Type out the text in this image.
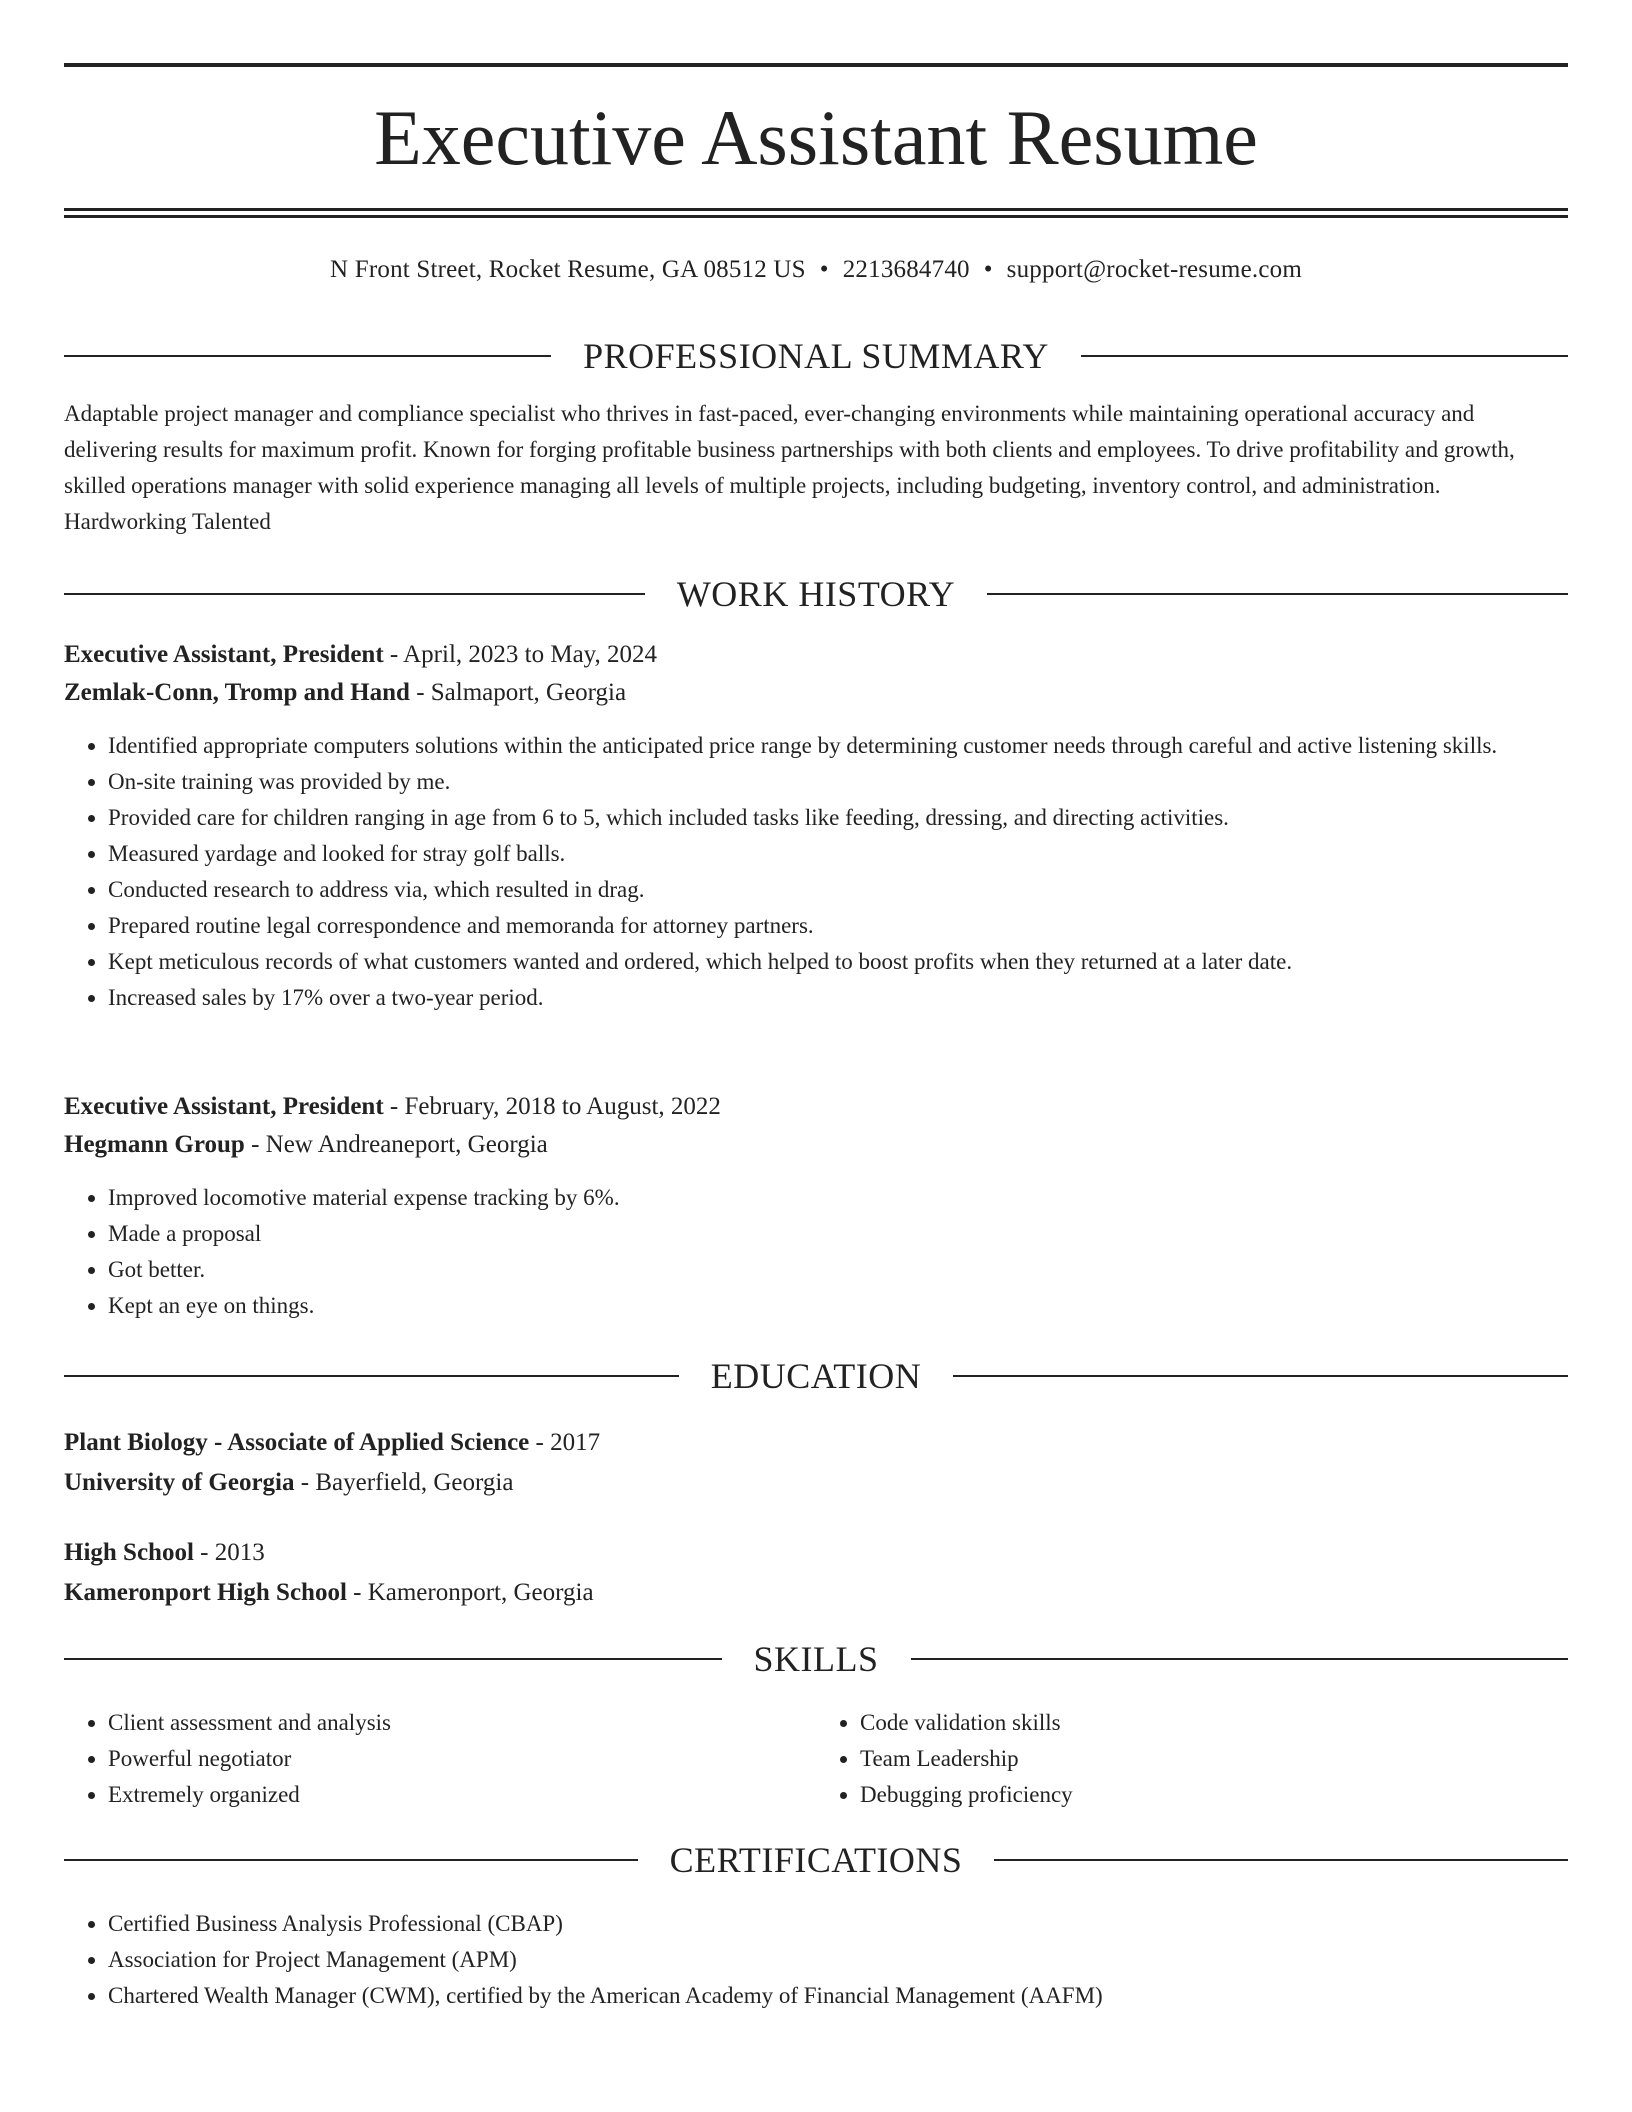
Executive Assistant Resume
N Front Street, Rocket Resume, GA 08512 US • 2213684740 • support@rocket-resume.com
PROFESSIONAL SUMMARY
Adaptable project manager and compliance specialist who thrives in fast-paced, ever-changing environments while maintaining operational accuracy and delivering results for maximum profit. Known for forging profitable business partnerships with both clients and employees. To drive profitability and growth, skilled operations manager with solid experience managing all levels of multiple projects, including budgeting, inventory control, and administration. Hardworking Talented
WORK HISTORY
Executive Assistant, President - April, 2023 to May, 2024
Zemlak-Conn, Tromp and Hand - Salmaport, Georgia
• Identified appropriate computers solutions within the anticipated price range by determining customer needs through careful and active listening skills.
• On-site training was provided by me.
• Provided care for children ranging in age from 6 to 5, which included tasks like feeding, dressing, and directing activities.
• Measured yardage and looked for stray golf balls.
• Conducted research to address via, which resulted in drag.
• Prepared routine legal correspondence and memoranda for attorney partners.
• Kept meticulous records of what customers wanted and ordered, which helped to boost profits when they returned at a later date.
• Increased sales by 17% over a two-year period.
Executive Assistant, President - February, 2018 to August, 2022
Hegmann Group - New Andreaneport, Georgia
• Improved locomotive material expense tracking by 6%.
• Made a proposal
• Got better.
• Kept an eye on things.
EDUCATION
Plant Biology - Associate of Applied Science - 2017
University of Georgia - Bayerfield, Georgia
High School - 2013
Kameronport High School - Kameronport, Georgia
SKILLS
• Client assessment and analysis
• Powerful negotiator
• Extremely organized
• Code validation skills
• Team Leadership
• Debugging proficiency
CERTIFICATIONS
• Certified Business Analysis Professional (CBAP)
• Association for Project Management (APM)
• Chartered Wealth Manager (CWM), certified by the American Academy of Financial Management (AAFM)
